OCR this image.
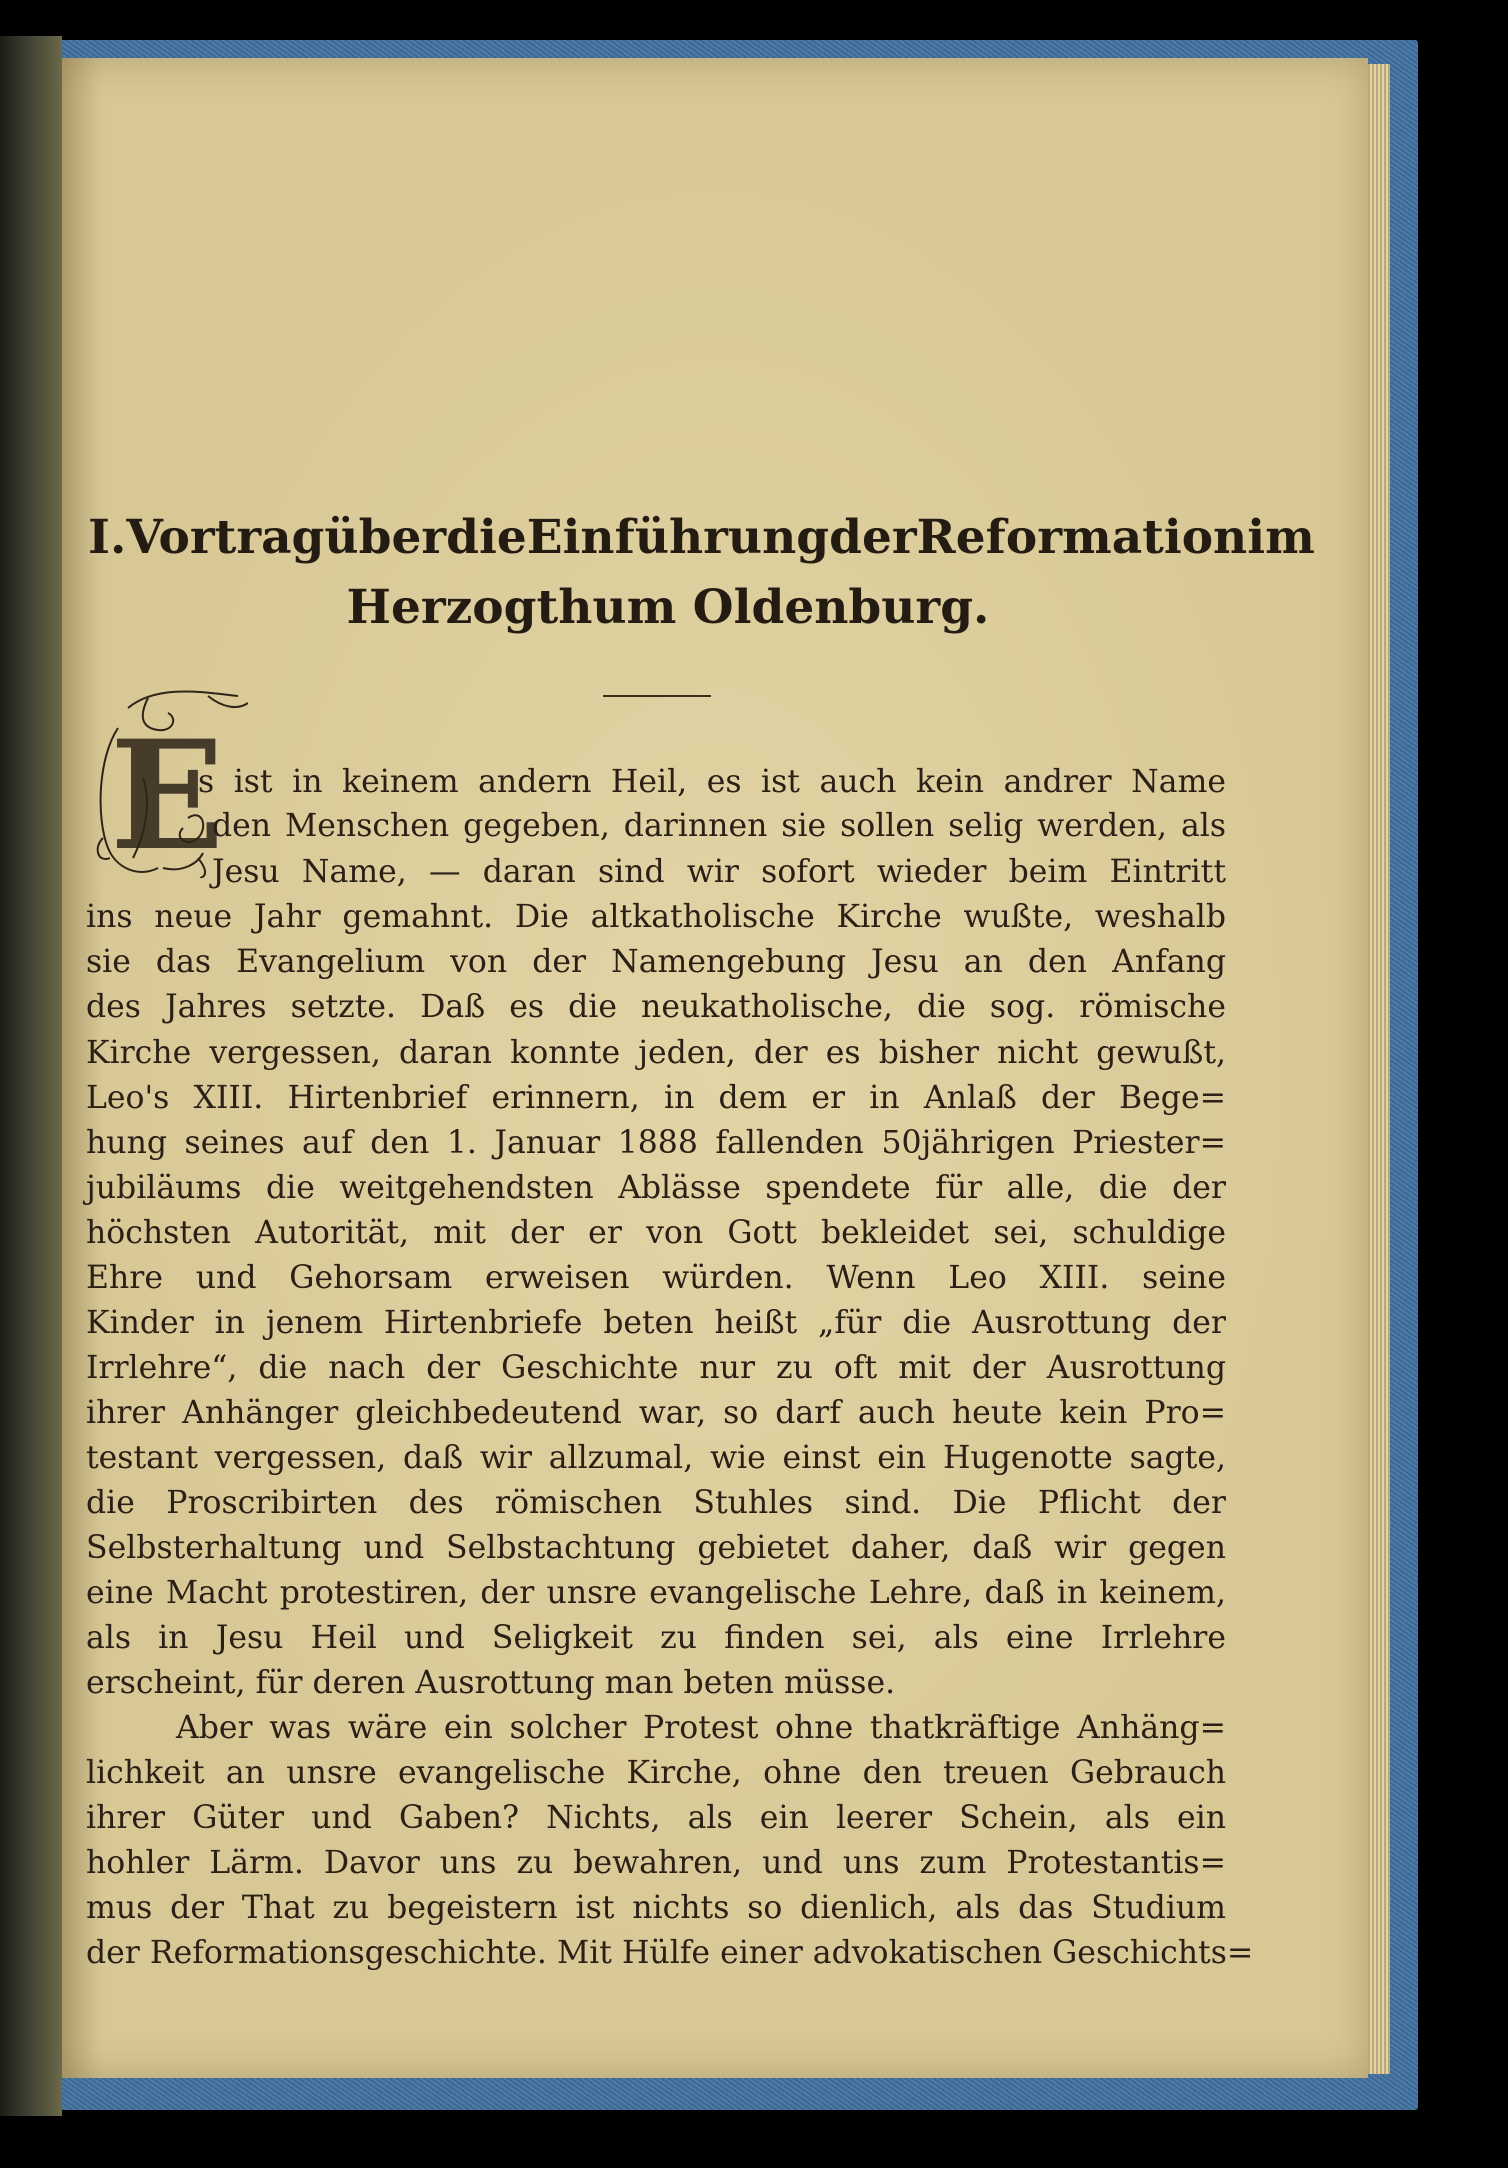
I. Vortrag über die Einführung der Reformation im
Herzogthum Oldenburg.
E
s ist in keinem andern Heil, es ist auch kein andrer Name
den Menschen gegeben, darinnen sie sollen selig werden, als
Jesu Name, — daran sind wir sofort wieder beim Eintritt
ins neue Jahr gemahnt. Die altkatholische Kirche wußte, weshalb
sie das Evangelium von der Namengebung Jesu an den Anfang
des Jahres setzte. Daß es die neukatholische, die sog. römische
Kirche vergessen, daran konnte jeden, der es bisher nicht gewußt,
Leo's XIII. Hirtenbrief erinnern, in dem er in Anlaß der Bege=
hung seines auf den 1. Januar 1888 fallenden 50jährigen Priester=
jubiläums die weitgehendsten Ablässe spendete für alle, die der
höchsten Autorität, mit der er von Gott bekleidet sei, schuldige
Ehre und Gehorsam erweisen würden. Wenn Leo XIII. seine
Kinder in jenem Hirtenbriefe beten heißt „für die Ausrottung der
Irrlehre“, die nach der Geschichte nur zu oft mit der Ausrottung
ihrer Anhänger gleichbedeutend war, so darf auch heute kein Pro=
testant vergessen, daß wir allzumal, wie einst ein Hugenotte sagte,
die Proscribirten des römischen Stuhles sind. Die Pflicht der
Selbsterhaltung und Selbstachtung gebietet daher, daß wir gegen
eine Macht protestiren, der unsre evangelische Lehre, daß in keinem,
als in Jesu Heil und Seligkeit zu finden sei, als eine Irrlehre
erscheint, für deren Ausrottung man beten müsse.
Aber was wäre ein solcher Protest ohne thatkräftige Anhäng=
lichkeit an unsre evangelische Kirche, ohne den treuen Gebrauch
ihrer Güter und Gaben? Nichts, als ein leerer Schein, als ein
hohler Lärm. Davor uns zu bewahren, und uns zum Protestantis=
mus der That zu begeistern ist nichts so dienlich, als das Studium
der Reformationsgeschichte. Mit Hülfe einer advokatischen Geschichts=
